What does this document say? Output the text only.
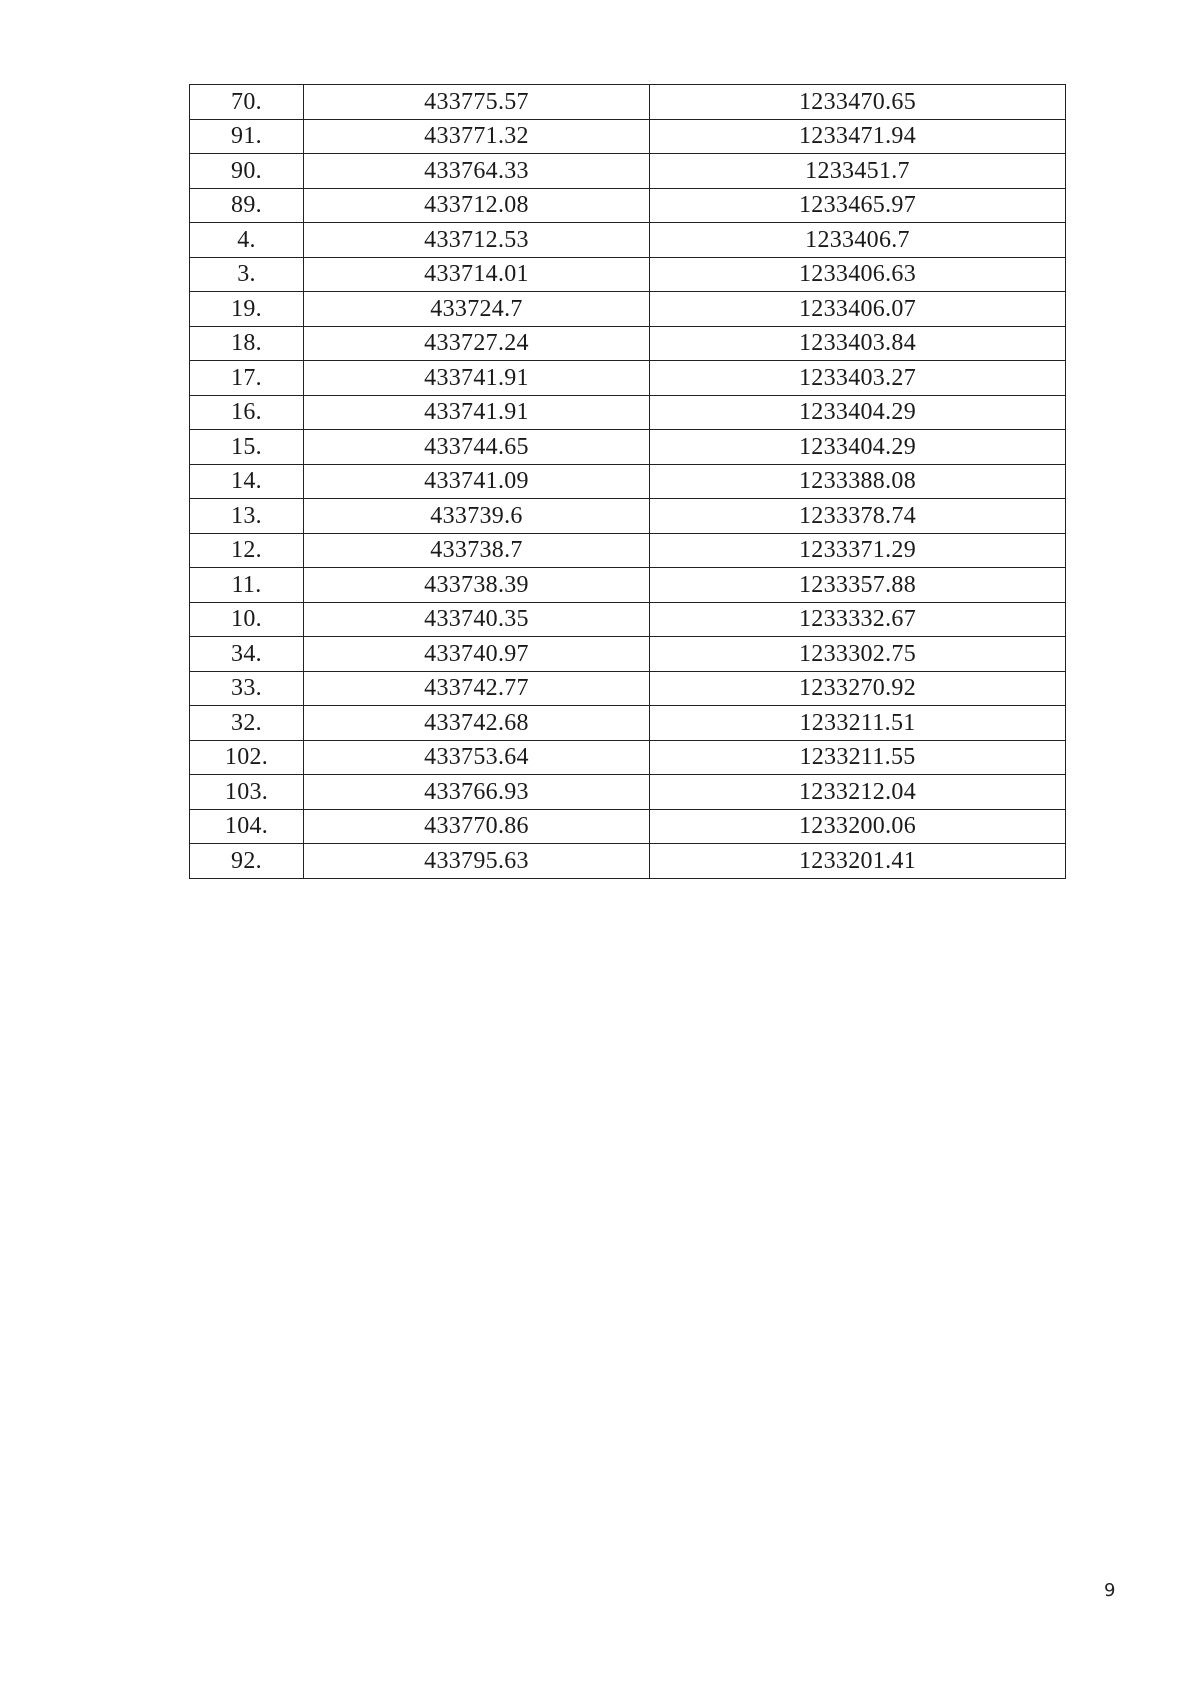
70.	433775.57	1233470.65
91.	433771.32	1233471.94
90.	433764.33	1233451.7
89.	433712.08	1233465.97
4.	433712.53	1233406.7
3.	433714.01	1233406.63
19.	433724.7	1233406.07
18.	433727.24	1233403.84
17.	433741.91	1233403.27
16.	433741.91	1233404.29
15.	433744.65	1233404.29
14.	433741.09	1233388.08
13.	433739.6	1233378.74
12.	433738.7	1233371.29
11.	433738.39	1233357.88
10.	433740.35	1233332.67
34.	433740.97	1233302.75
33.	433742.77	1233270.92
32.	433742.68	1233211.51
102.	433753.64	1233211.55
103.	433766.93	1233212.04
104.	433770.86	1233200.06
92.	433795.63	1233201.41
9
